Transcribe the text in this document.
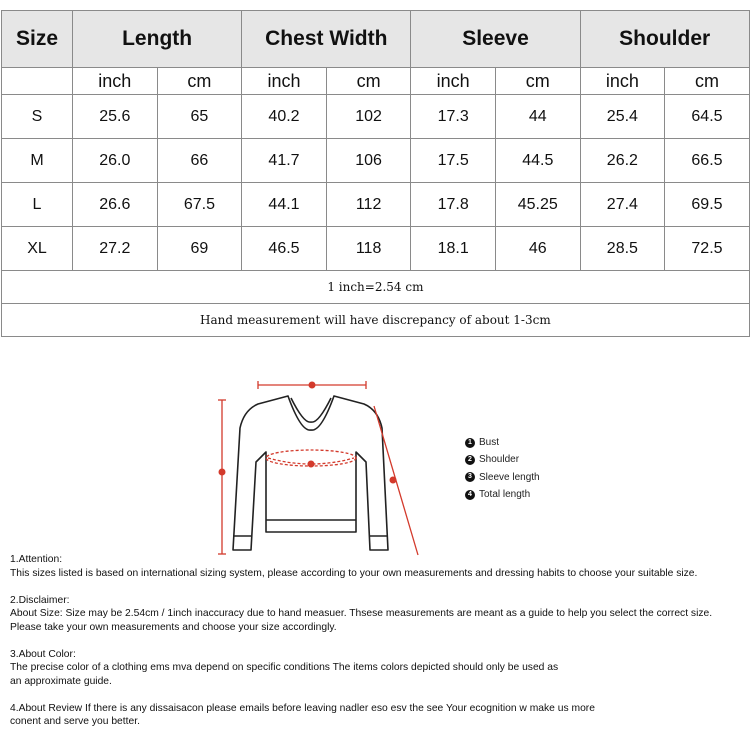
Size	Length		Chest Width		Sleeve		Shoulder	
	inch	cm	inch	cm	inch	cm	inch	cm
S	25.6	65	40.2	102	17.3	44	25.4	64.5
M	26.0	66	41.7	106	17.5	44.5	26.2	66.5
L	26.6	67.5	44.1	112	17.8	45.25	27.4	69.5
XL	27.2	69	46.5	118	18.1	46	28.5	72.5
1 inch=2.54 cm								
Hand measurement will have discrepancy of about 1-3cm								
1 Bust
2 Shoulder
3 Sleeve length
4 Total length

1.Attention:

This sizes listed is based on international sizing system, please according to your own measurements and dressing habits to choose your suitable size.

2.Disclaimer:

About Size: Size may be 2.54cm / 1inch inaccuracy due to hand measuer. Thsese measurements are meant as a guide to help you select the correct size.

Please take your own measurements and choose your size accordingly.

3.About Color:

The precise color of a clothing ems mva depend on specific conditions The items colors depicted should only be used as

an approximate guide.

4.About Review If there is any dissaisacon please emails before leaving nadler eso esv the see Your ecognition w make us more

conent and serve you better.
